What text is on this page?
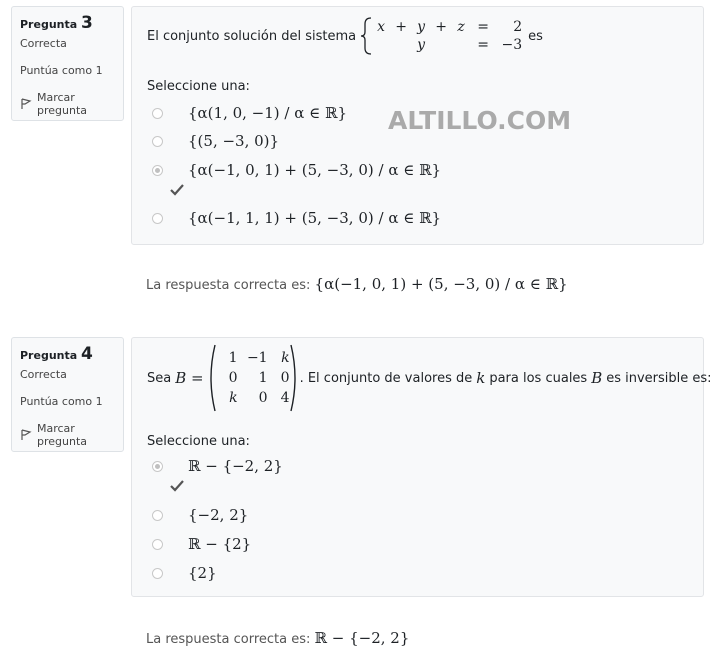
Pregunta 3
Correcta
Puntúa como 1
Marcar pregunta
El conjunto solución del sistema
x + y + z =	2
y	= −3
es
Seleccione una:
{α(1, 0, −1) / α ∈ ℝ}
{(5, −3, 0)}
{α(−1, 0, 1) + (5, −3, 0) / α ∈ ℝ}
{α(−1, 1, 1) + (5, −3, 0) / α ∈ ℝ}
ALTILLO.COM
La respuesta correcta es: {α(−1, 0, 1) + (5, −3, 0) / α ∈ ℝ}
Pregunta 4
Correcta
Puntúa como 1
Marcar pregunta
Sea B =
1 −1 k
0	1 0
k	0 4
. El conjunto de valores de k para los cuales B es inversible es:
Seleccione una:
ℝ − {−2, 2}
{−2, 2}
ℝ − {2}
{2}
La respuesta correcta es: ℝ − {−2, 2}
